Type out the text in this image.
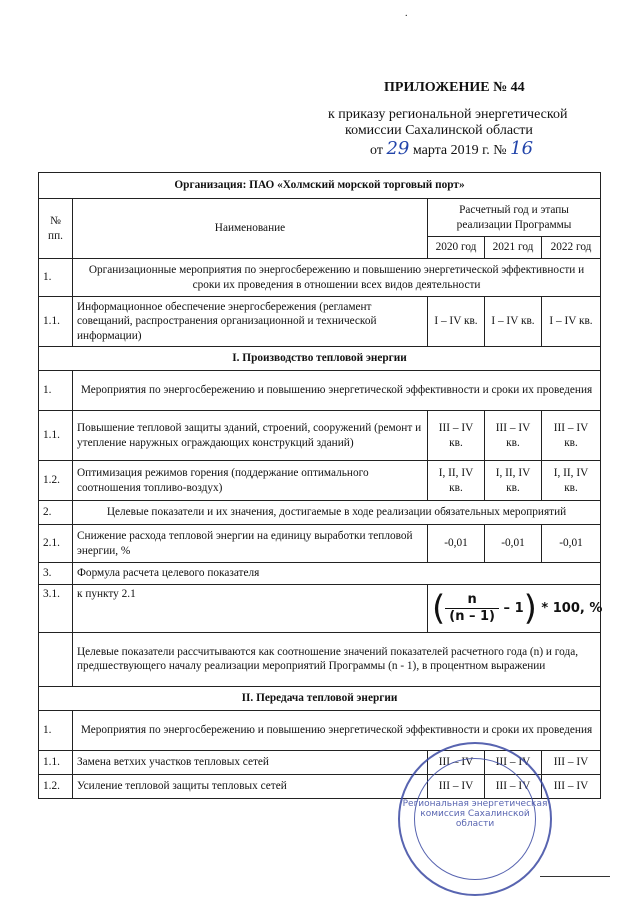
.
ПРИЛОЖЕНИЕ № 44
к приказу региональной энергетической
комиссии Сахалинской области
от 29 марта 2019 г. № 16
Организация: ПАО «Холмский морской торговый порт»				
№ пп.	Наименование	Расчетный год и этапы реализации Программы		
		2020 год	2021 год	2022 год
1.	Организационные мероприятия по энергосбережению и повышению энергетической эффективности и сроки их проведения в отношении всех видов деятельности			
1.1.	Информационное обеспечение энергосбережения (регламент совещаний, распространения организационной и технической информации)	I – IV кв.	I – IV кв.	I – IV кв.
I. Производство тепловой энергии				
1.	Мероприятия по энергосбережению и повышению энергетической эффективности и сроки их проведения			
1.1.	Повышение тепловой защиты зданий, строений, сооружений (ремонт и утепление наружных ограждающих конструкций зданий)	III – IV кв.	III – IV кв.	III – IV кв.
1.2.	Оптимизация режимов горения (поддержание оптимального соотношения топливо-воздух)	I, II, IV кв.	I, II, IV кв.	I, II, IV кв.
2.	Целевые показатели и их значения, достигаемые в ходе реализации обязательных мероприятий			
2.1.	Снижение расхода тепловой энергии на единицу выработки тепловой энергии, %	-0,01	-0,01	-0,01
3.	Формула расчета целевого показателя			
3.1.	к пункту 2.1	( $\frac{n}{(n - 1)} - 1) * 100$, %		
	Целевые показатели рассчитываются как соотношение значений показателей расчетного года (n) и года, предшествующего началу реализации мероприятий Программы (n - 1), в процентном выражении			
II. Передача тепловой энергии				
1.	Мероприятия по энергосбережению и повышению энергетической эффективности и сроки их проведения			
1.1.	Замена ветхих участков тепловых сетей	III – IV	III – IV	III – IV
1.2.	Усиление тепловой защиты тепловых сетей	III – IV	III – IV	III – IV
Региональная энергетическая комиссия Сахалинской области
